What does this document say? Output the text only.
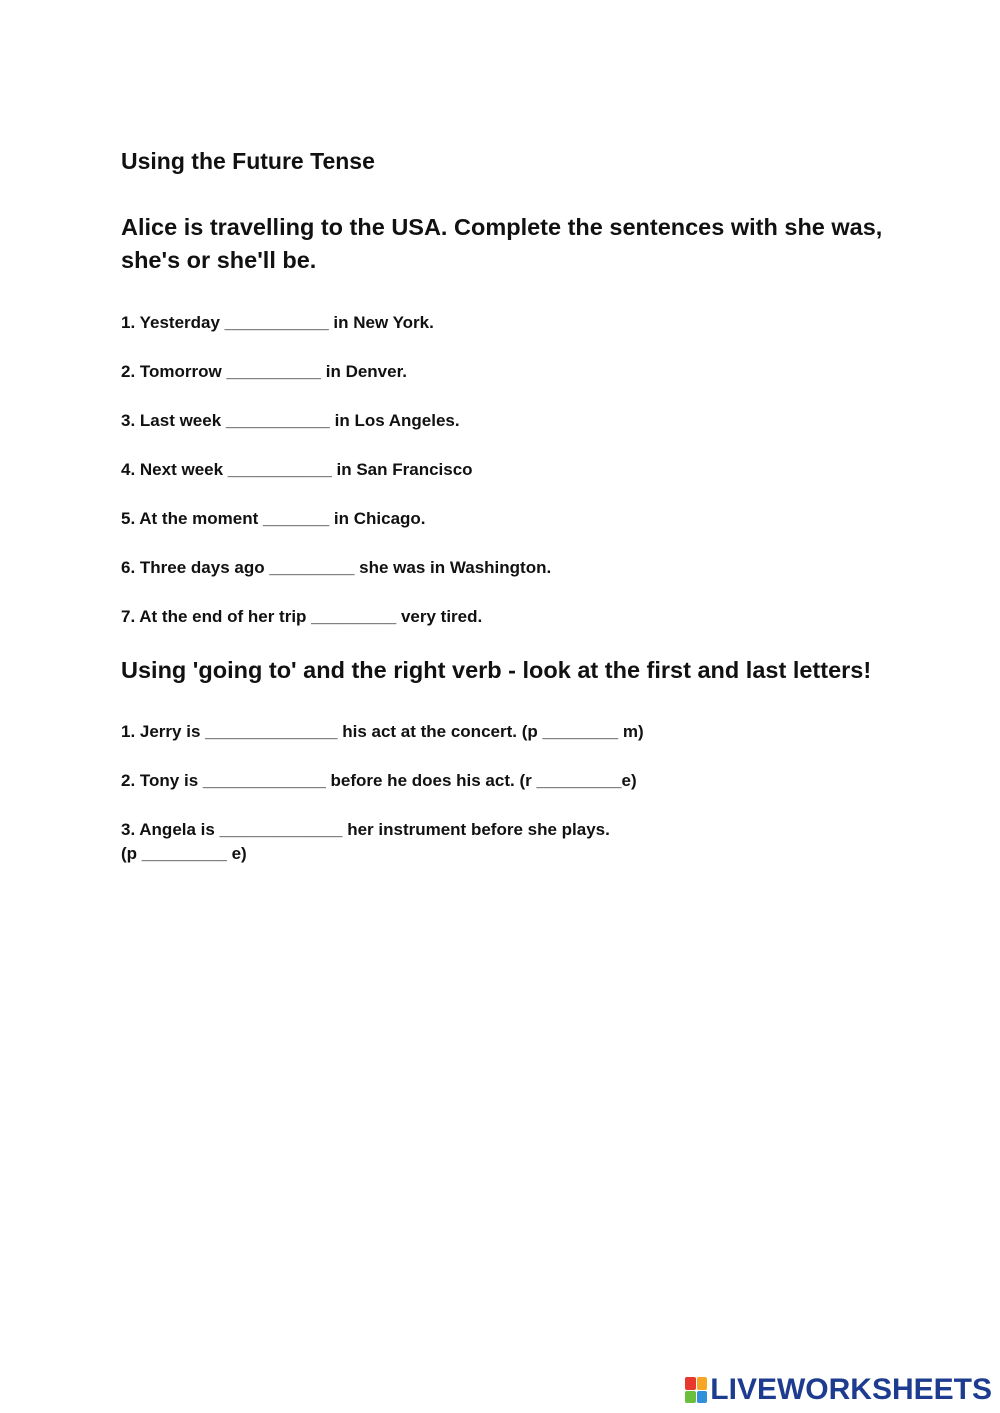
Using the Future Tense
Alice is travelling to the USA. Complete the sentences with she was, she's or she'll be.

1. Yesterday ___________ in New York.

2. Tomorrow __________ in Denver.

3. Last week ___________ in Los Angeles.

4. Next week ___________ in San Francisco

5. At the moment _______ in Chicago.

6. Three days ago _________ she was in Washington.

7. At the end of her trip _________ very tired.

Using 'going to' and the right verb - look at the first and last letters!

1. Jerry is ______________ his act at the concert. (p ________ m)

2. Tony is _____________ before he does his act. (r _________e)

3. Angela is _____________ her instrument before she plays.
(p _________ e)

LIVEWORKSHEETS
